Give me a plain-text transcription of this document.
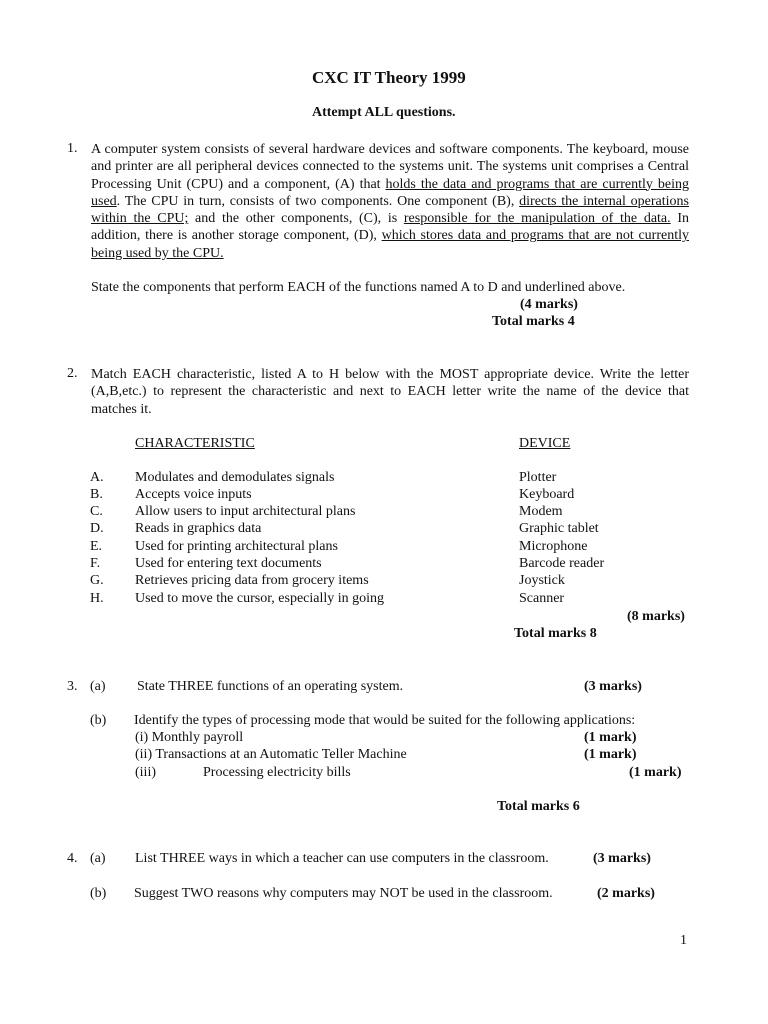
CXC IT Theory 1999
Attempt ALL questions.
1. A computer system consists of several hardware devices and software components. The keyboard, mouse and printer are all peripheral devices connected to the systems unit. The systems unit comprises a Central Processing Unit (CPU) and a component, (A) that holds the data and programs that are currently being used. The CPU in turn, consists of two components. One component (B), directs the internal operations within the CPU; and the other components, (C), is responsible for the manipulation of the data. In addition, there is another storage component, (D), which stores data and programs that are not currently being used by the CPU.
State the components that perform EACH of the functions named A to D and underlined above.
(4 marks)
Total marks 4
2. Match EACH characteristic, listed A to H below with the MOST appropriate device. Write the letter (A,B,etc.) to represent the characteristic and next to EACH letter write the name of the device that matches it.
CHARACTERISTIC	DEVICE
A. Modulates and demodulates signals	Plotter
B. Accepts voice inputs	Keyboard
C. Allow users to input architectural plans	Modem
D. Reads in graphics data	Graphic tablet
E. Used for printing architectural plans	Microphone
F. Used for entering text documents	Barcode reader
G. Retrieves pricing data from grocery items	Joystick
H. Used to move the cursor, especially in going	Scanner
(8 marks)
Total marks 8
3. (a) State THREE functions of an operating system.	(3 marks)
(b) Identify the types of processing mode that would be suited for the following applications:
(i) Monthly payroll	(1 mark)
(ii) Transactions at an Automatic Teller Machine	(1 mark)
(iii)	Processing electricity bills	(1 mark)
Total marks 6
4. (a) List THREE ways in which a teacher can use computers in the classroom.	(3 marks)
(b) Suggest TWO reasons why computers may NOT be used in the classroom.	(2 marks)
1
